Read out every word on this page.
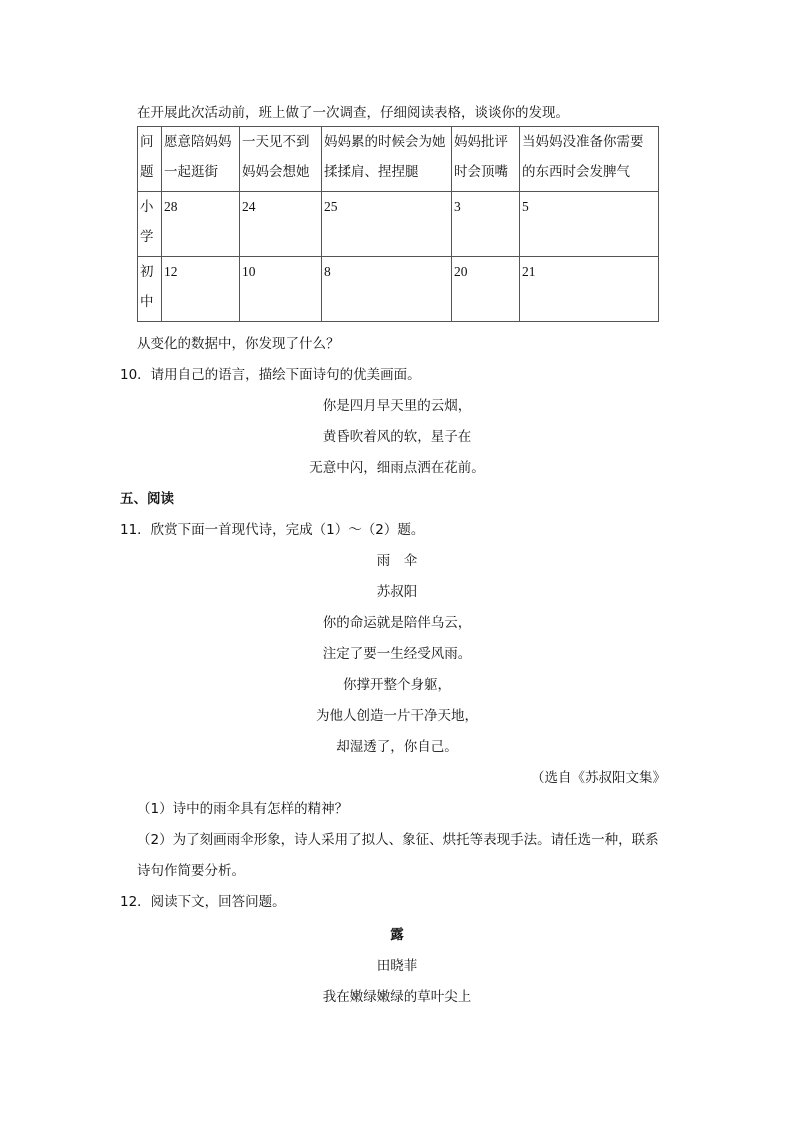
在开展此次活动前，班上做了一次调查，仔细阅读表格，谈谈你的发现。
问题	愿意陪妈妈一起逛街	一天见不到妈妈会想她	妈妈累的时候会为她揉揉肩、捏捏腿	妈妈批评时会顶嘴	当妈妈没准备你需要的东西时会发脾气
小学	28	24	25	3	5
初中	12	10	8	20	21
从变化的数据中，你发现了什么？
10．请用自己的语言，描绘下面诗句的优美画面。
你是四月早天里的云烟，
黄昏吹着风的软，星子在
无意中闪，细雨点洒在花前。
五、阅读
11．欣赏下面一首现代诗，完成（1）～（2）题。
雨　伞
苏叔阳
你的命运就是陪伴乌云，
注定了要一生经受风雨。
你撑开整个身躯，
为他人创造一片干净天地，
却湿透了，你自己。
（选自《苏叔阳文集》
（1）诗中的雨伞具有怎样的精神？
（2）为了刻画雨伞形象，诗人采用了拟人、象征、烘托等表现手法。请任选一种，联系
诗句作简要分析。
12．阅读下文，回答问题。
露
田晓菲
我在嫩绿嫩绿的草叶尖上
